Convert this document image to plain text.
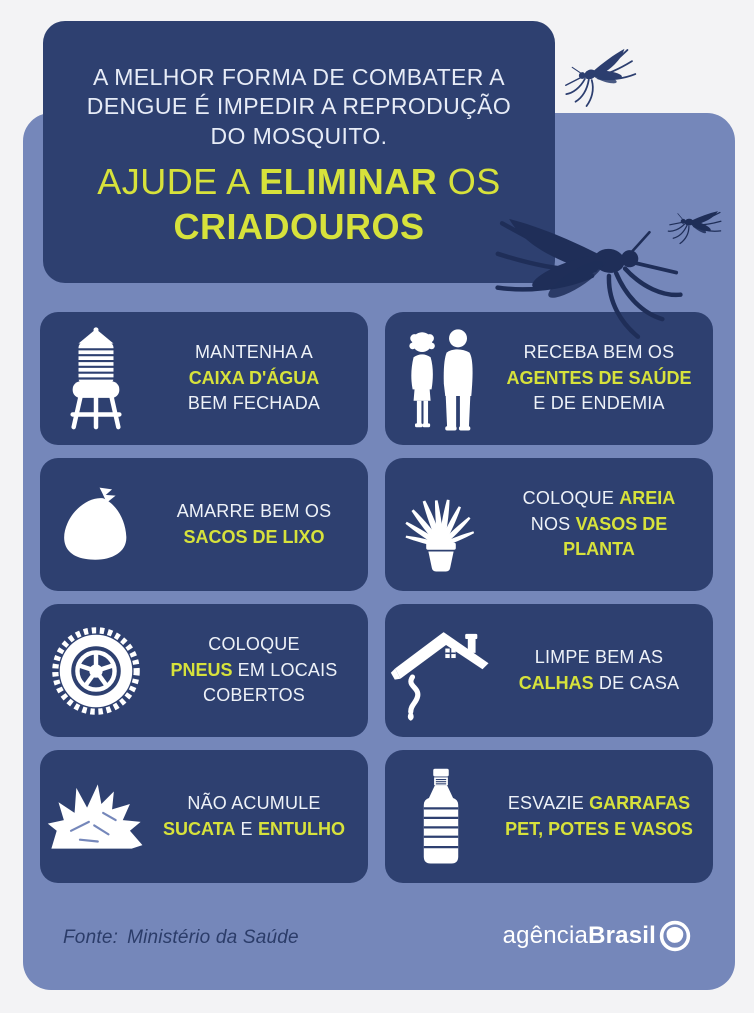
A MELHOR FORMA DE COMBATER A
DENGUE É IMPEDIR A REPRODUÇÃO
DO MOSQUITO.
AJUDE A ELIMINAR OS
CRIADOUROS
MANTENHA A
CAIXA D'ÁGUA
BEM FECHADA
RECEBA BEM OS
AGENTES DE SAÚDE
E DE ENDEMIA
AMARRE BEM OS
SACOS DE LIXO
COLOQUE AREIA
NOS VASOS DE
PLANTA
COLOQUE
PNEUS EM LOCAIS
COBERTOS
LIMPE BEM AS
CALHAS DE CASA
NÃO ACUMULE
SUCATA E ENTULHO
ESVAZIE GARRAFAS
PET, POTES E VASOS
Fonte: Ministério da Saúde	agência Brasil
